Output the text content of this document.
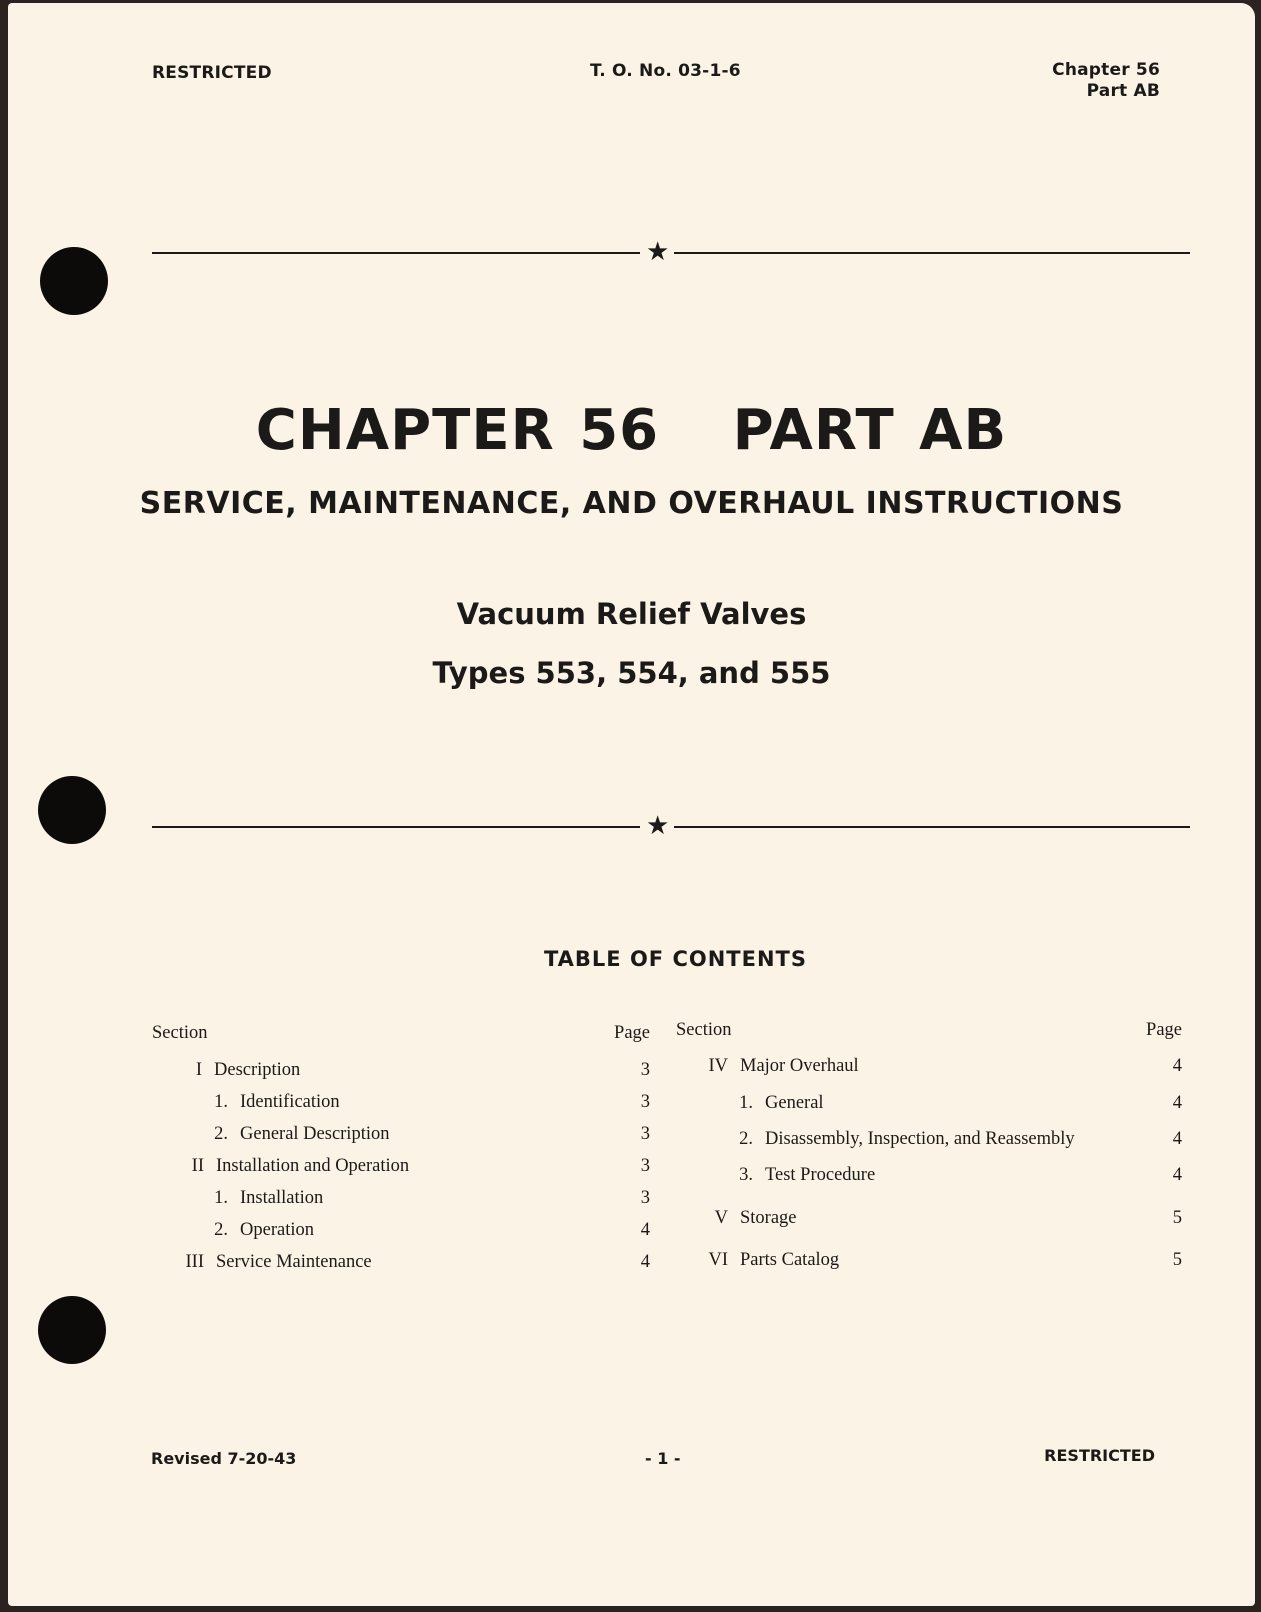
RESTRICTED	T. O. No. 03-1-6	Chapter 56
Part AB
★
CHAPTER 56   PART AB
SERVICE, MAINTENANCE, AND OVERHAUL INSTRUCTIONS
Vacuum Relief Valves
Types 553, 554, and 555
★
TABLE OF CONTENTS
Section	Page
I Description	3
1. Identification	3
2. General Description	3
II Installation and Operation	3
1. Installation	3
2. Operation	4
III Service Maintenance	4
Section	Page
IV Major Overhaul	4
1. General	4
2. Disassembly, Inspection, and Reassembly	4
3. Test Procedure	4
V Storage	5
VI Parts Catalog	5
Revised 7-20-43	- 1 -	RESTRICTED
